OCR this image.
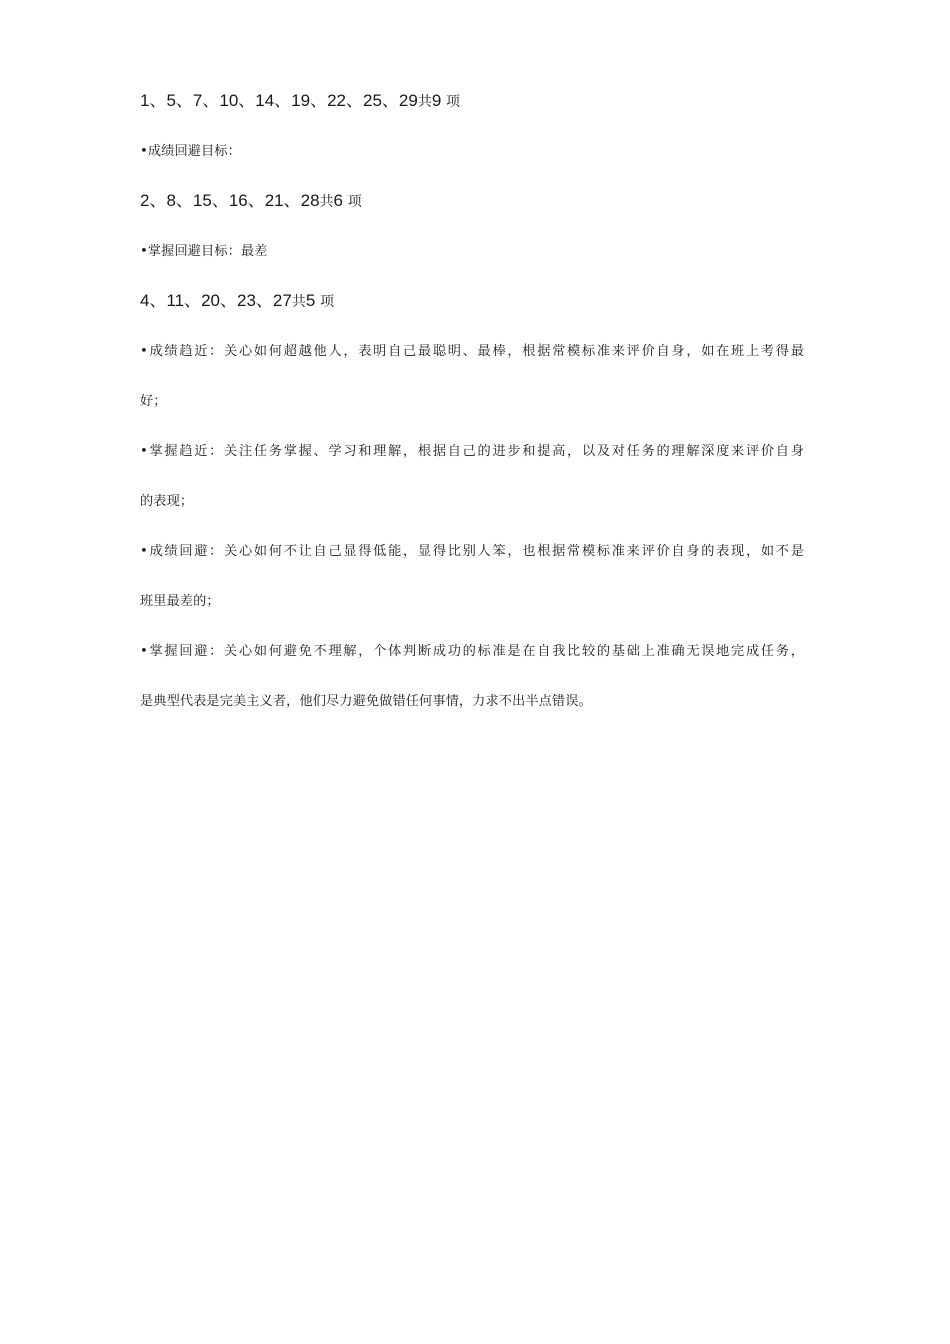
1、5、7、10、14、19、22、25、29共9 项
•成绩回避目标：
2、8、15、16、21、28共6 项
•掌握回避目标：最差
4、11、20、23、27共5 项
•成绩趋近：关心如何超越他人，表明自己最聪明、最棒，根据常模标准来评价自身，如在班上考得最
好；
•掌握趋近：关注任务掌握、学习和理解，根据自己的进步和提高，以及对任务的理解深度来评价自身
的表现；
•成绩回避：关心如何不让自己显得低能，显得比别人笨，也根据常模标准来评价自身的表现，如不是
班里最差的；
•掌握回避：关心如何避免不理解，个体判断成功的标准是在自我比较的基础上准确无误地完成任务，
是典型代表是完美主义者，他们尽力避免做错任何事情，力求不出半点错误。
